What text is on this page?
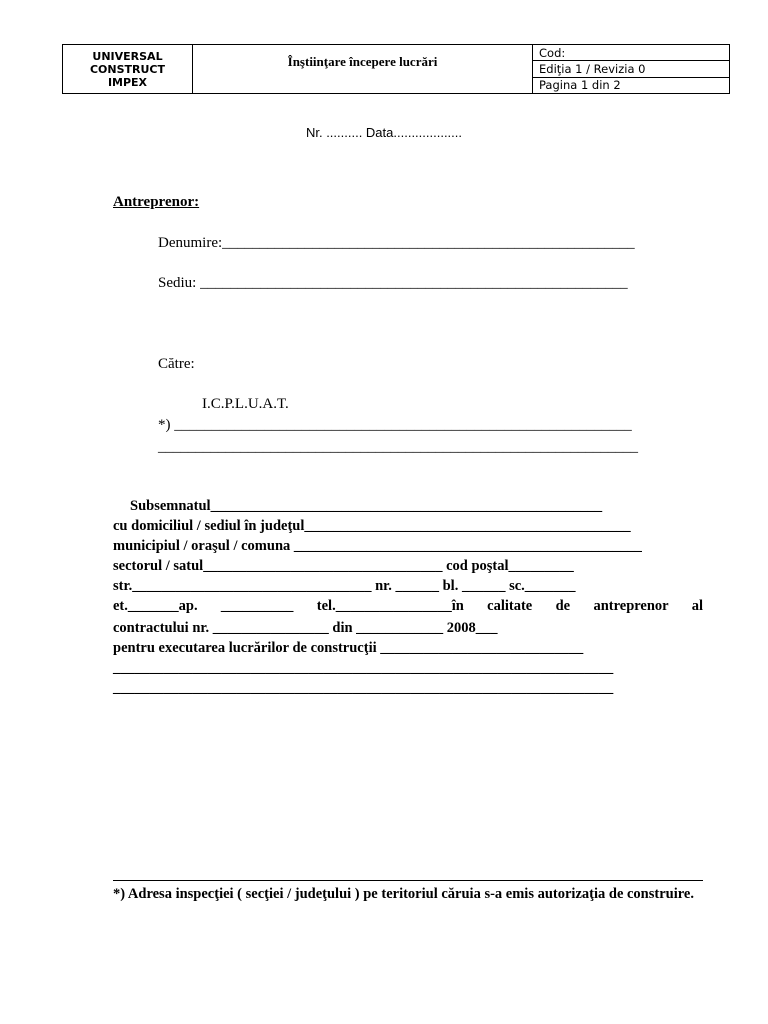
UNIVERSAL
CONSTRUCT
IMPEX
Înştiinţare începere lucrări
Cod:
Ediţia 1 / Revizia 0
Pagina 1 din 2
Nr. .......... Data...................
Antreprenor:
Denumire:_______________________________________________________
Sediu: _________________________________________________________
Către:
I.C.P.L.U.A.T.
*) _____________________________________________________________
________________________________________________________________
Subsemnatul______________________________________________________
cu domiciliul / sediul în judeţul_____________________________________________
municipiul / oraşul / comuna ________________________________________________
sectorul / satul_________________________________ cod poştal_________
str._________________________________ nr. ______ bl. ______ sc._______
et._______ap. __________ tel.________________în calitate de antreprenor al
contractului nr. ________________ din ____________ 2008___
pentru executarea lucrărilor de construcţii ____________________________
_____________________________________________________________________
_____________________________________________________________________
*) Adresa inspecţiei ( secţiei / judeţului ) pe teritoriul căruia s-a emis autorizaţia de construire.
